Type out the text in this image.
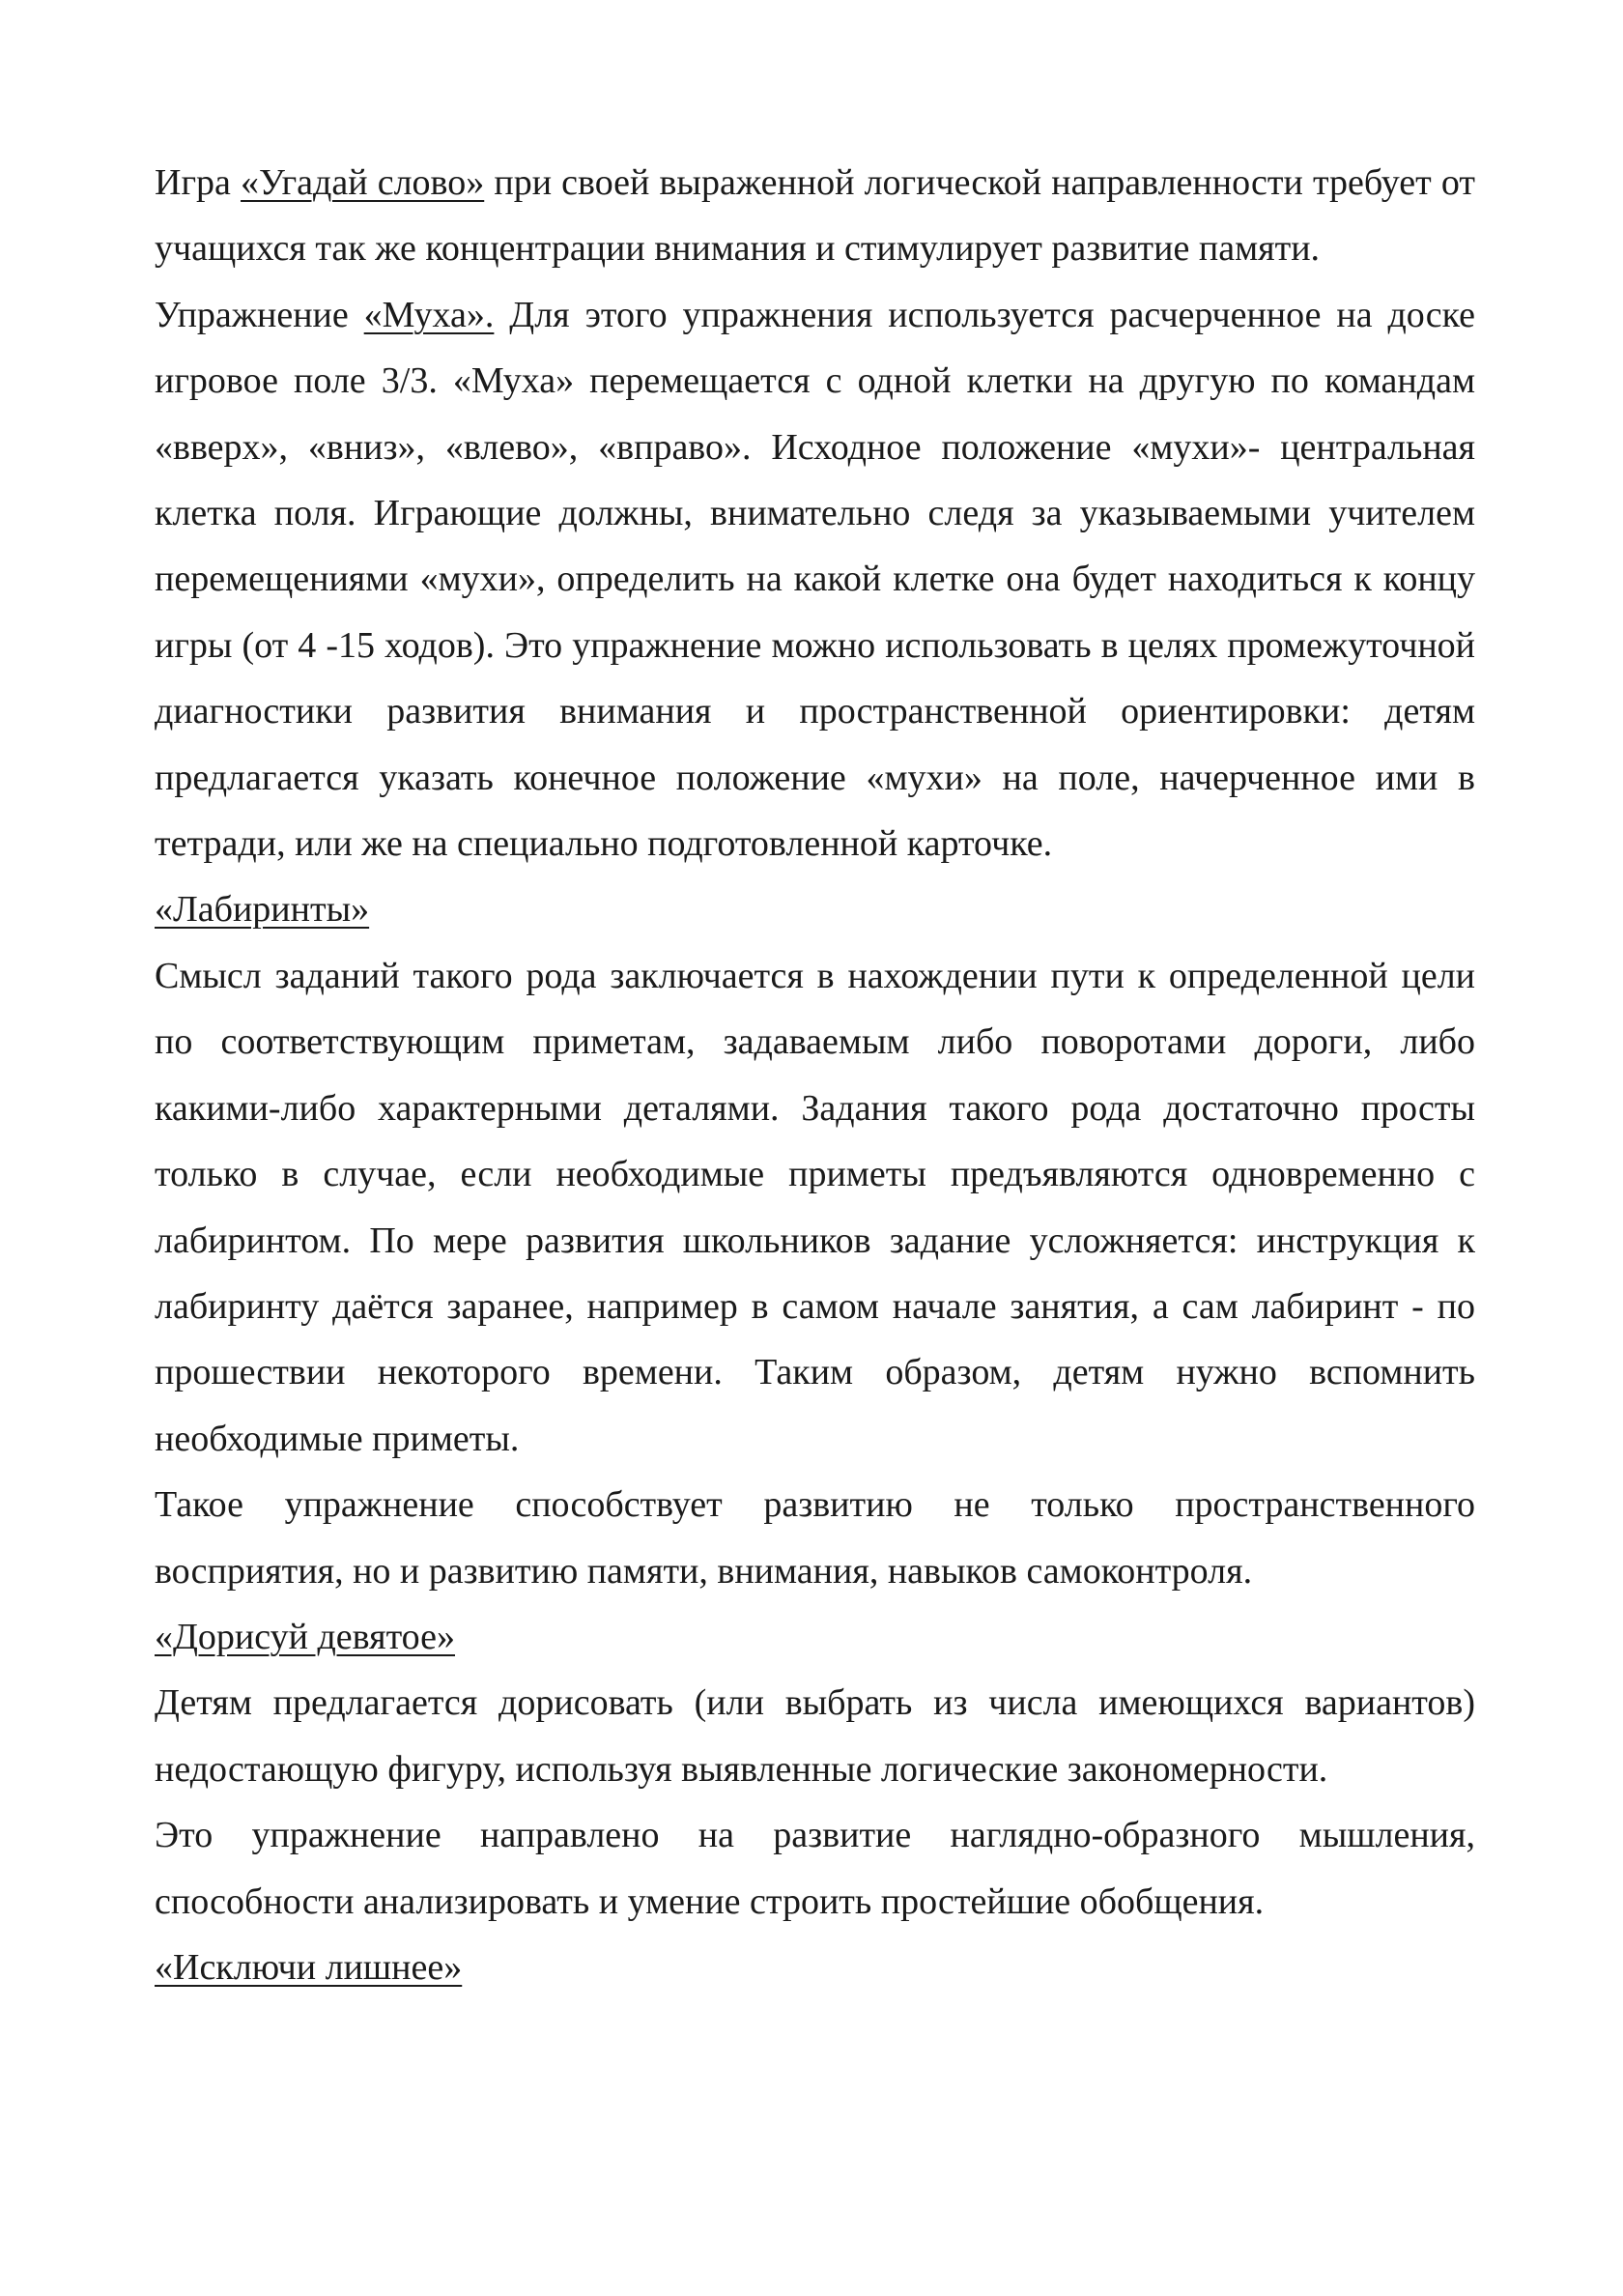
Игра «Угадай слово» при своей выраженной логической направленности требует от учащихся так же концентрации внимания и стимулирует развитие памяти.

Упражнение «Муха». Для этого упражнения используется расчерченное на доске игровое поле 3/3. «Муха» перемещается с одной клетки на другую по командам «вверх», «вниз», «влево», «вправо». Исходное положение «мухи»- центральная клетка поля. Играющие должны, внимательно следя за указываемыми учителем перемещениями «мухи», определить на какой клетке она будет находиться к концу игры (от 4 -15 ходов). Это упражнение можно использовать в целях промежуточной диагностики развития внимания и пространственной ориентировки: детям предлагается указать конечное положение «мухи» на поле, начерченное ими в тетради, или же на специально подготовленной карточке.

«Лабиринты»

Смысл заданий такого рода заключается в нахождении пути к определенной цели по соответствующим приметам, задаваемым либо поворотами дороги, либо какими-либо характерными деталями. Задания такого рода достаточно просты только в случае, если необходимые приметы предъявляются одновременно с лабиринтом. По мере развития школьников задание усложняется: инструкция к лабиринту даётся заранее, например в самом начале занятия, а сам лабиринт - по прошествии некоторого времени. Таким образом, детям нужно вспомнить необходимые приметы.

Такое упражнение способствует развитию не только пространственного восприятия, но и развитию памяти, внимания, навыков самоконтроля.

«Дорисуй девятое»

Детям предлагается дорисовать (или выбрать из числа имеющихся вариантов) недостающую фигуру, используя выявленные логические закономерности.

Это упражнение направлено на развитие наглядно-образного мышления, способности анализировать и умение строить простейшие обобщения.

«Исключи лишнее»
